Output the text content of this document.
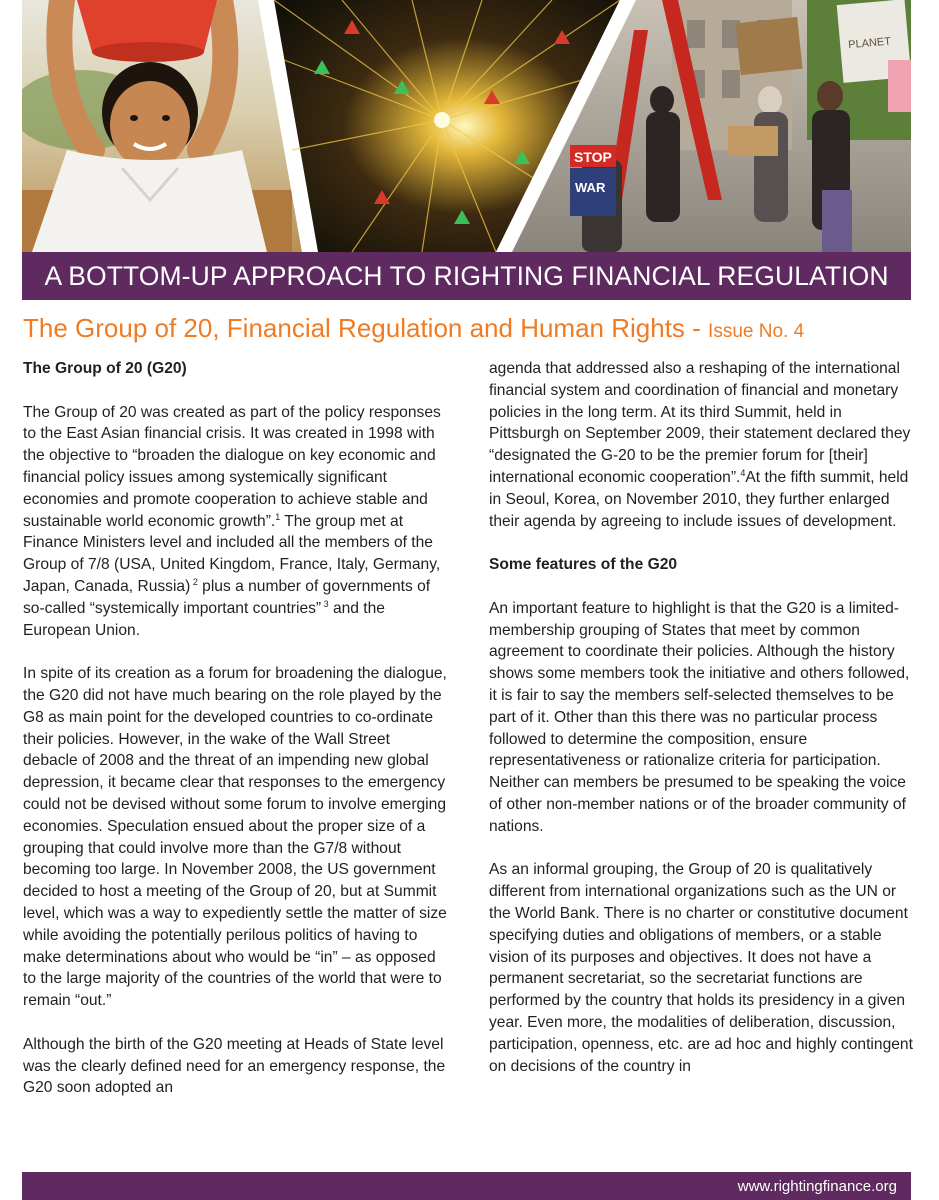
STOP
WAR
PLANET
A BOTTOM-UP APPROACH TO RIGHTING FINANCIAL REGULATION
The Group of 20, Financial Regulation and Human Rights - Issue No. 4
The Group of 20 (G20)

The Group of 20 was created as part of the policy responses to the East Asian financial crisis. It was created in 1998 with the objective to “broaden the dialogue on key economic and financial policy issues among systemically significant economies and promote cooperation to achieve stable and sustainable world economic growth”.$^1$ The group met at Finance Ministers level and included all the members of the Group of 7/8 (USA, United Kingdom, France, Italy, Germany, Japan, Canada, Russia) $^2$ plus a number of governments of so-called “systemically important countries” $^3$ and the European Union.

In spite of its creation as a forum for broadening the dialogue, the G20 did not have much bearing on the role played by the G8 as main point for the developed countries to co-ordinate their policies. However, in the wake of the Wall Street debacle of 2008 and the threat of an impending new global depression, it became clear that responses to the emergency could not be devised without some forum to involve emerging economies. Speculation ensued about the proper size of a grouping that could involve more than the G7/8 without becoming too large. In November 2008, the US government decided to host a meeting of the Group of 20, but at Summit level, which was a way to expediently settle the matter of size while avoiding the potentially perilous politics of having to make determinations about who would be “in” – as opposed to the large majority of the countries of the world that were to remain “out.”

Although the birth of the G20 meeting at Heads of State level was the clearly defined need for an emergency response, the G20 soon adopted an

agenda that addressed also a reshaping of the international financial system and coordination of financial and monetary policies in the long term. At its third Summit, held in Pittsburgh on September 2009, their statement declared they “designated the G-20 to be the premier forum for [their] international economic cooperation”.$^4$At the fifth summit, held in Seoul, Korea, on November 2010, they further enlarged their agenda by agreeing to include issues of development.

Some features of the G20

An important feature to highlight is that the G20 is a limited-membership grouping of States that meet by common agreement to coordinate their policies. Although the history shows some members took the initiative and others followed, it is fair to say the members self-selected themselves to be part of it. Other than this there was no particular process followed to determine the composition, ensure representativeness or rationalize criteria for participation. Neither can members be presumed to be speaking the voice of other non-member nations or of the broader community of nations.

As an informal grouping, the Group of 20 is qualitatively different from international organizations such as the UN or the World Bank. There is no charter or constitutive document specifying duties and obligations of members, or a stable vision of its purposes and objectives. It does not have a permanent secretariat, so the secretariat functions are performed by the country that holds its presidency in a given year. Even more, the modalities of deliberation, discussion, participation, openness, etc. are ad hoc and highly contingent on decisions of the country in

www.rightingfinance.org
